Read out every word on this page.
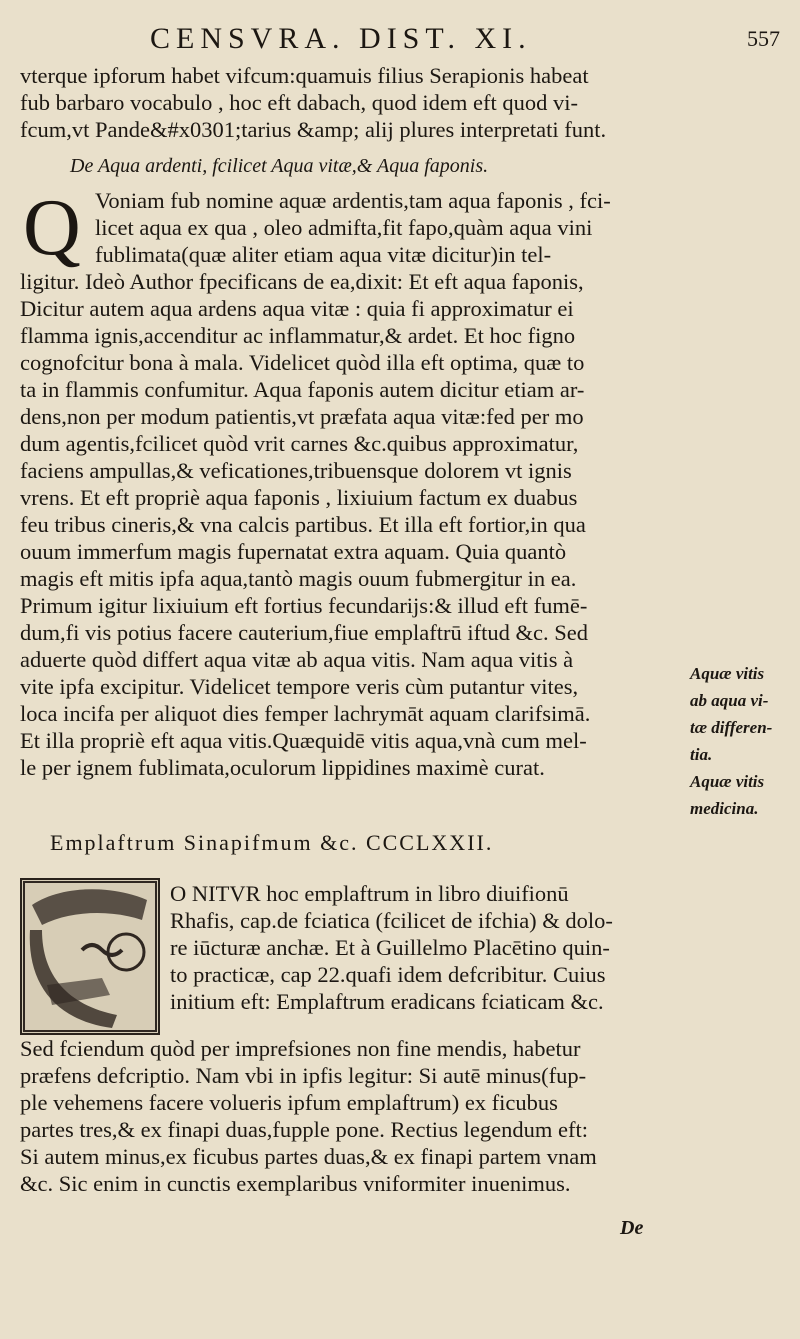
CENSVRA. DIST. XI.	557
vterque ipforum habet vifcum:quamuis filius Serapionis habeat
fub barbaro vocabulo , hoc eft dabach, quod idem eft quod vi-
fcum,vt Pande&#x0301;tarius &amp; alij plures interpretati funt.
De Aqua ardenti, fcilicet Aqua vitæ,& Aqua faponis.
Q Voniam fub nomine aquæ ardentis,tam aqua faponis , fci-
licet aqua ex qua , oleo admifta,fit fapo,quàm aqua vini
fublimata(quæ aliter etiam aqua vitæ dicitur)in tel-
ligitur. Ideò Author fpecificans de ea,dixit: Et eft aqua faponis,
Dicitur autem aqua ardens aqua vitæ : quia fi approximatur ei
flamma ignis,accenditur ac inflammatur,& ardet. Et hoc figno
cognofcitur bona à mala. Videlicet quòd illa eft optima, quæ to
ta in flammis confumitur. Aqua faponis autem dicitur etiam ar-
dens,non per modum patientis,vt præfata aqua vitæ:fed per mo
dum agentis,fcilicet quòd vrit carnes &c.quibus approximatur,
faciens ampullas,& veficationes,tribuensque dolorem vt ignis
vrens. Et eft propriè aqua faponis , lixiuium factum ex duabus
feu tribus cineris,& vna calcis partibus. Et illa eft fortior,in qua
ouum immerfum magis fupernatat extra aquam. Quia quantò
magis eft mitis ipfa aqua,tantò magis ouum fubmergitur in ea.
Primum igitur lixiuium eft fortius fecundarijs:& illud eft fumē-
dum,fi vis potius facere cauterium,fiue emplaftrū iftud &c. Sed
aduerte quòd differt aqua vitæ ab aqua vitis. Nam aqua vitis à
vite ipfa excipitur. Videlicet tempore veris cùm putantur vites,
loca incifa per aliquot dies femper lachrymāt aquam clarifsimā.
Et illa propriè eft aqua vitis.Quæquidē vitis aqua,vnà cum mel-
le per ignem fublimata,oculorum lippidines maximè curat.
Aquæ vitis
ab aqua vi-
tæ differen-
tia.
Aquæ vitis
medicina.
Emplaftrum Sinapifmum &c. CCCLXXII.
O NITVR hoc emplaftrum in libro diuifionū
Rhafis, cap.de fciatica (fcilicet de ifchia) & dolo-
re iūcturæ anchæ. Et à Guillelmo Placētino quin-
to practicæ, cap 22.quafi idem defcribitur. Cuius
initium eft: Emplaftrum eradicans fciaticam &c.
Sed fciendum quòd per imprefsiones non fine mendis, habetur
præfens defcriptio. Nam vbi in ipfis legitur: Si autē minus(fup-
ple vehemens facere volueris ipfum emplaftrum) ex ficubus
partes tres,& ex finapi duas,fupple pone. Rectius legendum eft:
Si autem minus,ex ficubus partes duas,& ex finapi partem vnam
&c. Sic enim in cunctis exemplaribus vniformiter inuenimus.
De
